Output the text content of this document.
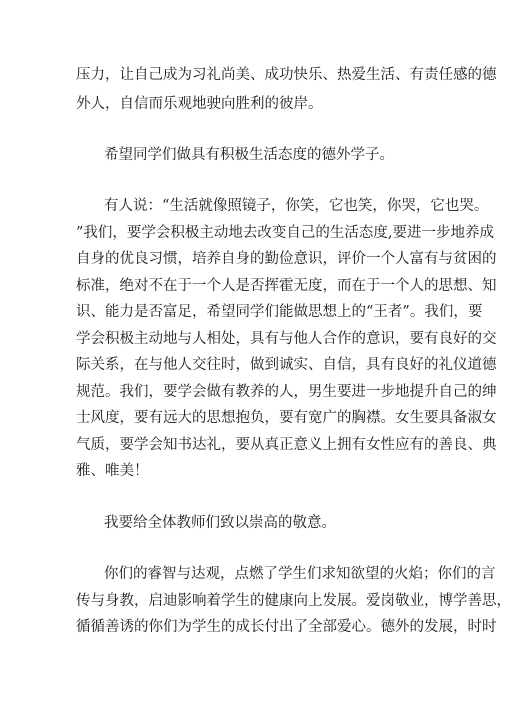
压力，让自己成为习礼尚美、成功快乐、热爱生活、有责任感的德
外人，自信而乐观地驶向胜利的彼岸。
希望同学们做具有积极生活态度的德外学子。
有人说：“生活就像照镜子，你笑，它也笑，你哭，它也哭。
”我们，要学会积极主动地去改变自己的生活态度,要进一步地养成
自身的优良习惯，培养自身的勤俭意识，评价一个人富有与贫困的
标准，绝对不在于一个人是否挥霍无度，而在于一个人的思想、知
识、能力是否富足，希望同学们能做思想上的“王者”。我们，要
学会积极主动地与人相处，具有与他人合作的意识，要有良好的交
际关系，在与他人交往时，做到诚实、自信，具有良好的礼仪道德
规范。我们，要学会做有教养的人，男生要进一步地提升自己的绅
士风度，要有远大的思想抱负，要有宽广的胸襟。女生要具备淑女
气质，要学会知书达礼，要从真正意义上拥有女性应有的善良、典
雅、唯美！
我要给全体教师们致以崇高的敬意。
你们的睿智与达观，点燃了学生们求知欲望的火焰；你们的言
传与身教，启迪影响着学生的健康向上发展。爱岗敬业，博学善思，
循循善诱的你们为学生的成长付出了全部爱心。德外的发展，时时
